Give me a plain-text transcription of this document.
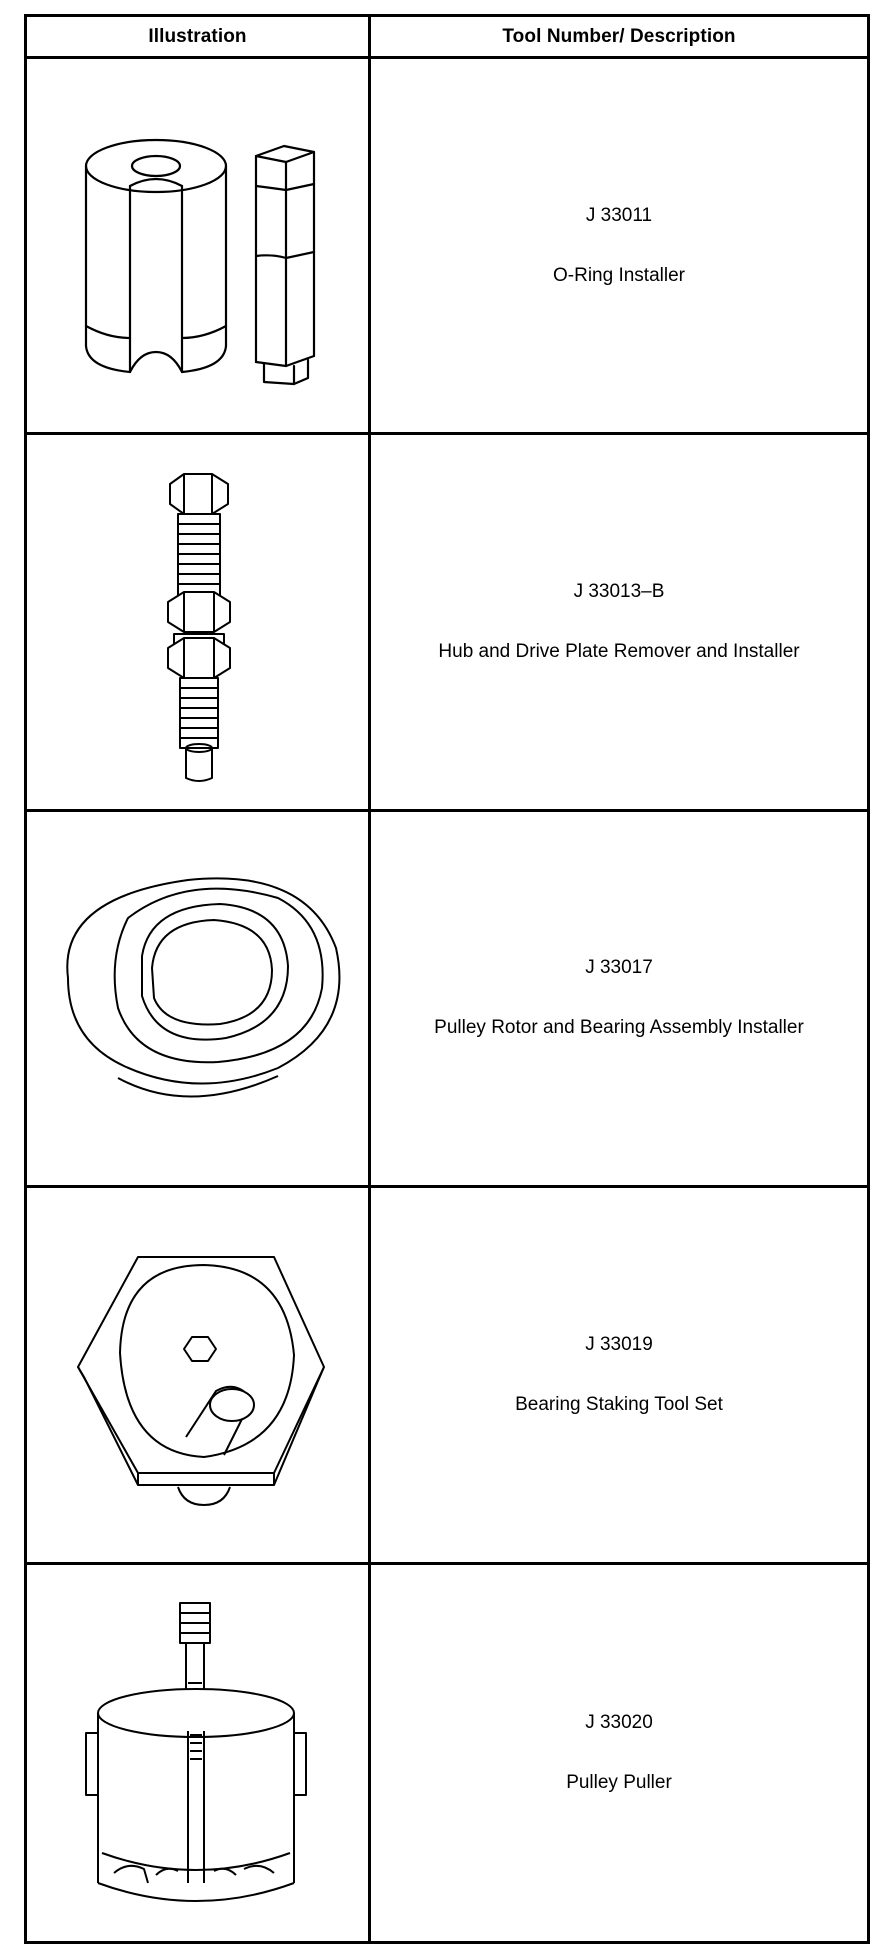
Illustration	Tool Number/ Description
J 33011
O-Ring Installer
J 33013–B
Hub and Drive Plate Remover and Installer
J 33017
Pulley Rotor and Bearing Assembly Installer
J 33019
Bearing Staking Tool Set
J 33020
Pulley Puller
